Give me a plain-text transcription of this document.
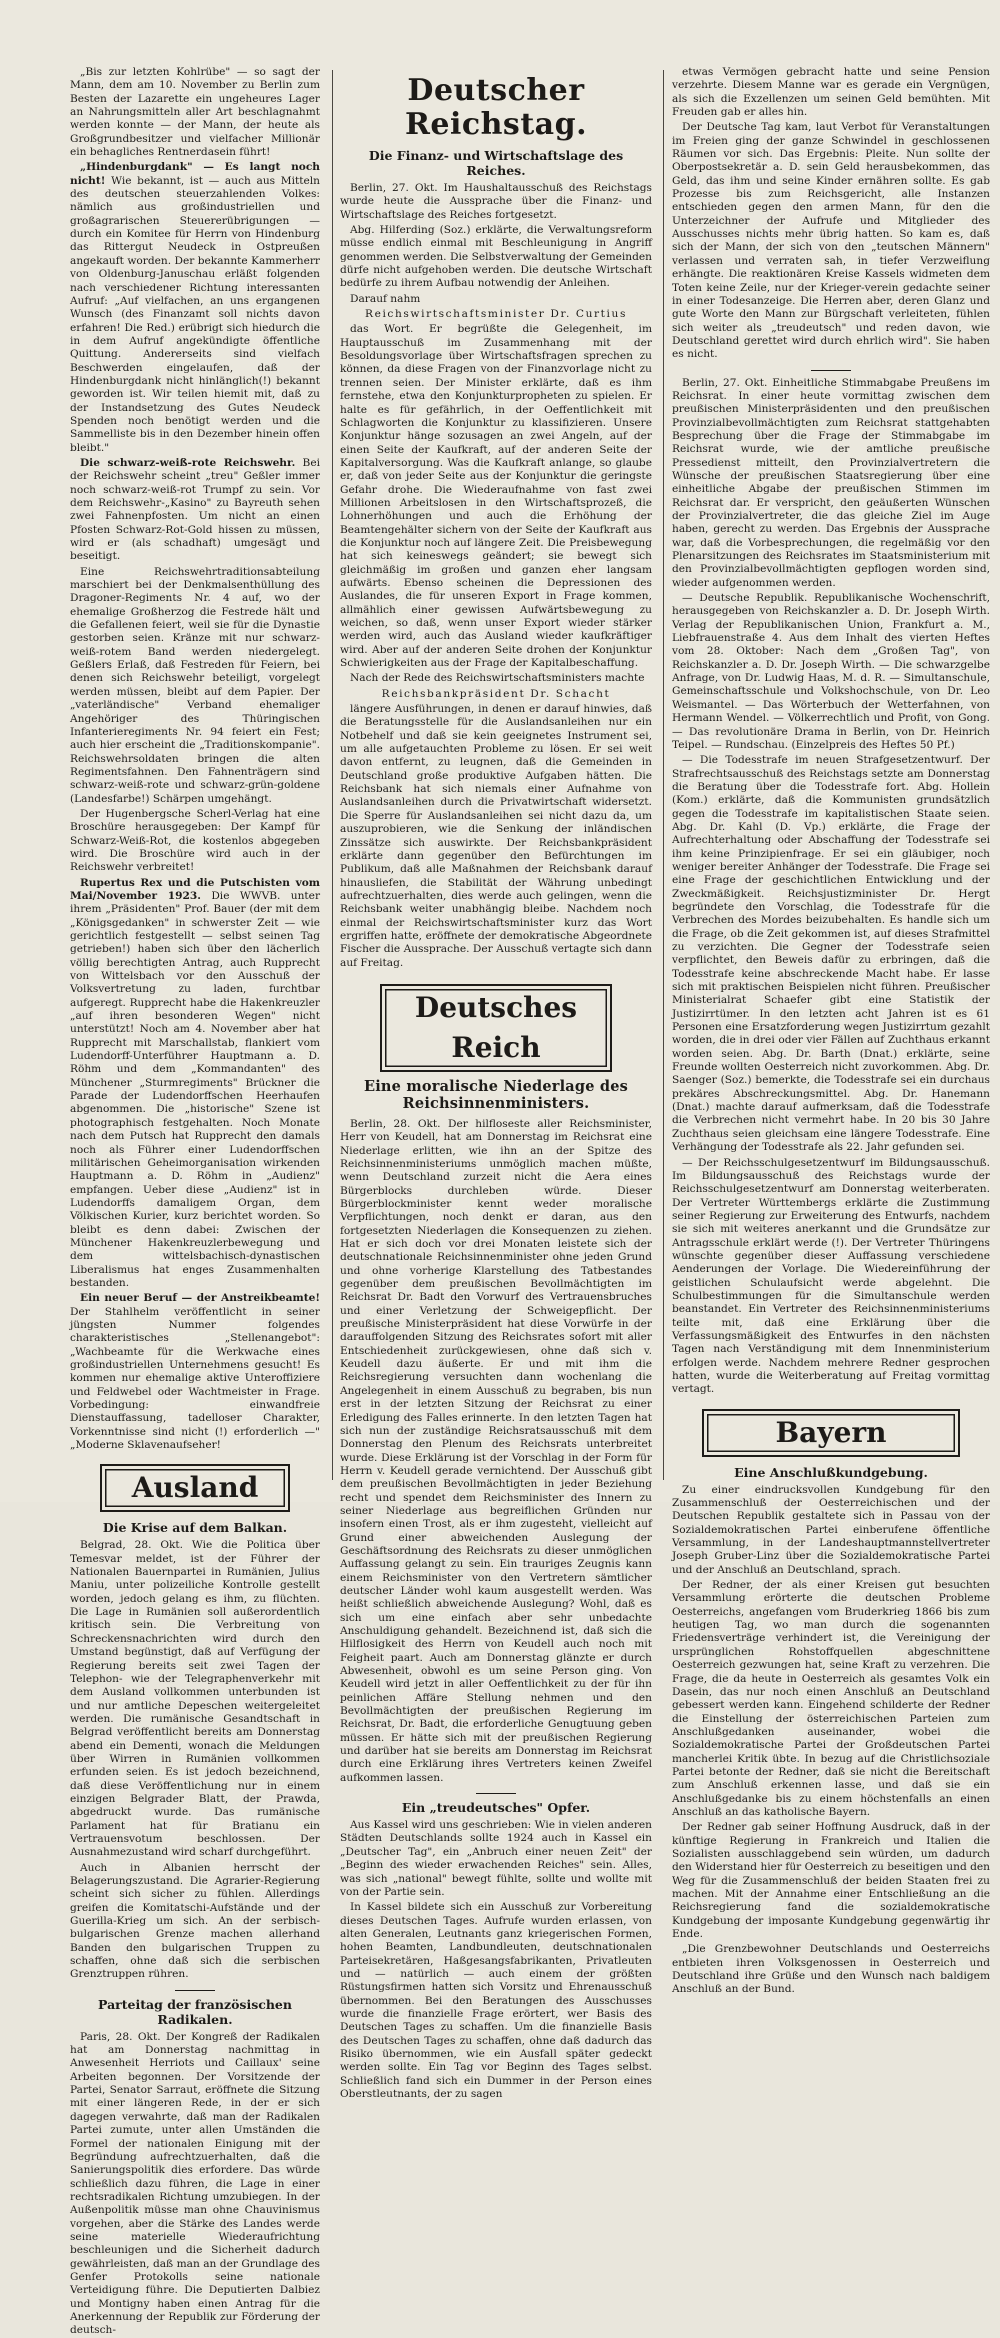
„Bis zur letzten Kohlrübe" — so sagt der Mann, dem am 10. November zu Berlin zum Besten der Lazarette ein ungeheures Lager an Nahrungsmitteln aller Art beschlagnahmt werden konnte — der Mann, der heute als Großgrundbesitzer und vielfacher Millionär ein behagliches Rentnerdasein führt!

„Hindenburgdank" — Es langt noch nicht! Wie bekannt, ist — auch aus Mitteln des deutschen steuerzahlenden Volkes: nämlich aus großindustriellen und großagrarischen Steuererübrigungen — durch ein Komitee für Herrn von Hindenburg das Rittergut Neudeck in Ostpreußen angekauft worden. Der bekannte Kammerherr von Oldenburg-Januschau erläßt folgenden nach verschiedener Richtung interessanten Aufruf: „Auf vielfachen, an uns ergangenen Wunsch (des Finanzamt soll nichts davon erfahren! Die Red.) erübrigt sich hiedurch die in dem Aufruf angekündigte öffentliche Quittung. Andererseits sind vielfach Beschwerden eingelaufen, daß der Hindenburgdank nicht hinlänglich(!) bekannt geworden ist. Wir teilen hiemit mit, daß zu der Instandsetzung des Gutes Neudeck Spenden noch benötigt werden und die Sammelliste bis in den Dezember hinein offen bleibt."

Die schwarz-weiß-rote Reichswehr. Bei der Reichswehr scheint „treu" Geßler immer noch schwarz-weiß-rot Trumpf zu sein. Vor dem Reichswehr-„Kasino" zu Bayreuth sehen zwei Fahnenpfosten. Um nicht an einen Pfosten Schwarz-Rot-Gold hissen zu müssen, wird er (als schadhaft) umgesägt und beseitigt.

Eine Reichswehrtraditionsabteilung marschiert bei der Denkmalsenthüllung des Dragoner-Regiments Nr. 4 auf, wo der ehemalige Großherzog die Festrede hält und die Gefallenen feiert, weil sie für die Dynastie gestorben seien. Kränze mit nur schwarz-weiß-rotem Band werden niedergelegt. Geßlers Erlaß, daß Festreden für Feiern, bei denen sich Reichswehr beteiligt, vorgelegt werden müssen, bleibt auf dem Papier. Der „vaterländische" Verband ehemaliger Angehöriger des Thüringischen Infanterieregiments Nr. 94 feiert ein Fest; auch hier erscheint die „Traditionskompanie". Reichswehrsoldaten bringen die alten Regimentsfahnen. Den Fahnenträgern sind schwarz-weiß-rote und schwarz-grün-goldene (Landesfarbe!) Schärpen umgehängt.

Der Hugenbergsche Scherl-Verlag hat eine Broschüre herausgegeben: Der Kampf für Schwarz-Weiß-Rot, die kostenlos abgegeben wird. Die Broschüre wird auch in der Reichswehr verbreitet!

Rupertus Rex und die Putschisten vom Mai/November 1923. Die WWVB. unter ihrem „Präsidenten" Prof. Bauer (der mit dem „Königsgedanken" in schwerster Zeit — wie gerichtlich festgestellt — selbst seinen Tag getrieben!) haben sich über den lächerlich völlig berechtigten Antrag, auch Rupprecht von Wittelsbach vor den Ausschuß der Volksvertretung zu laden, furchtbar aufgeregt. Rupprecht habe die Hakenkreuzler „auf ihren besonderen Wegen" nicht unterstützt! Noch am 4. November aber hat Rupprecht mit Marschallstab, flankiert vom Ludendorff-Unterführer Hauptmann a. D. Röhm und dem „Kommandanten" des Münchener „Sturmregiments" Brückner die Parade der Ludendorffschen Heerhaufen abgenommen. Die „historische" Szene ist photographisch festgehalten. Noch Monate nach dem Putsch hat Rupprecht den damals noch als Führer einer Ludendorffschen militärischen Geheimorganisation wirkenden Hauptmann a. D. Röhm in „Audienz" empfangen. Ueber diese „Audienz" ist in Ludendorffs damaligem Organ, dem Völkischen Kurier, kurz berichtet worden. So bleibt es denn dabei: Zwischen der Münchener Hakenkreuzlerbewegung und dem wittelsbachisch-dynastischen Liberalismus hat enges Zusammenhalten bestanden.

Ein neuer Beruf — der Anstreikbeamte! Der Stahlhelm veröffentlicht in seiner jüngsten Nummer folgendes charakteristisches „Stellenangebot": „Wachbeamte für die Werkwache eines großindustriellen Unternehmens gesucht! Es kommen nur ehemalige aktive Unteroffiziere und Feldwebel oder Wachtmeister in Frage. Vorbedingung: einwandfreie Dienstauffassung, tadelloser Charakter, Vorkenntnisse sind nicht (!) erforderlich —" „Moderne Sklavenaufseher!

Ausland
Die Krise auf dem Balkan.

Belgrad, 28. Okt. Wie die Politica über Temesvar meldet, ist der Führer der Nationalen Bauernpartei in Rumänien, Julius Maniu, unter polizeiliche Kontrolle gestellt worden, jedoch gelang es ihm, zu flüchten. Die Lage in Rumänien soll außerordentlich kritisch sein. Die Verbreitung von Schreckensnachrichten wird durch den Umstand begünstigt, daß auf Verfügung der Regierung bereits seit zwei Tagen der Telephon- wie der Telegraphenverkehr mit dem Ausland vollkommen unterbunden ist und nur amtliche Depeschen weitergeleitet werden. Die rumänische Gesandtschaft in Belgrad veröffentlicht bereits am Donnerstag abend ein Dementi, wonach die Meldungen über Wirren in Rumänien vollkommen erfunden seien. Es ist jedoch bezeichnend, daß diese Veröffentlichung nur in einem einzigen Belgrader Blatt, der Prawda, abgedruckt wurde. Das rumänische Parlament hat für Bratianu ein Vertrauensvotum beschlossen. Der Ausnahmezustand wird scharf durchgeführt.

Auch in Albanien herrscht der Belagerungszustand. Die Agrarier-Regierung scheint sich sicher zu fühlen. Allerdings greifen die Komitatschi-Aufstände und der Guerilla-Krieg um sich. An der serbisch-bulgarischen Grenze machen allerhand Banden den bulgarischen Truppen zu schaffen, ohne daß sich die serbischen Grenztruppen rühren.

Parteitag der französischen Radikalen.

Paris, 28. Okt. Der Kongreß der Radikalen hat am Donnerstag nachmittag in Anwesenheit Herriots und Caillaux' seine Arbeiten begonnen. Der Vorsitzende der Partei, Senator Sarraut, eröffnete die Sitzung mit einer längeren Rede, in der er sich dagegen verwahrte, daß man der Radikalen Partei zumute, unter allen Umständen die Formel der nationalen Einigung mit der Begründung aufrechtzuerhalten, daß die Sanierungspolitik dies erfordere. Das würde schließlich dazu führen, die Lage in einer rechtsradikalen Richtung umzubiegen. In der Außenpolitik müsse man ohne Chauvinismus vorgehen, aber die Stärke des Landes werde seine materielle Wiederaufrichtung beschleunigen und die Sicherheit dadurch gewährleisten, daß man an der Grundlage des Genfer Protokolls seine nationale Verteidigung führe. Die Deputierten Dalbiez und Montigny haben einen Antrag für die Anerkennung der Republik zur Förderung der deutsch-

Deutscher Reichstag.
Die Finanz- und Wirtschaftslage des Reiches.

Berlin, 27. Okt. Im Haushaltausschuß des Reichstags wurde heute die Aussprache über die Finanz- und Wirtschaftslage des Reiches fortgesetzt.

Abg. Hilferding (Soz.) erklärte, die Verwaltungsreform müsse endlich einmal mit Beschleunigung in Angriff genommen werden. Die Selbstverwaltung der Gemeinden dürfe nicht aufgehoben werden. Die deutsche Wirtschaft bedürfe zu ihrem Aufbau notwendig der Anleihen.

Darauf nahm

Reichswirtschaftsminister Dr. Curtius

das Wort. Er begrüßte die Gelegenheit, im Hauptausschuß im Zusammenhang mit der Besoldungsvorlage über Wirtschaftsfragen sprechen zu können, da diese Fragen von der Finanzvorlage nicht zu trennen seien. Der Minister erklärte, daß es ihm fernstehe, etwa den Konjunkturpropheten zu spielen. Er halte es für gefährlich, in der Oeffentlichkeit mit Schlagworten die Konjunktur zu klassifizieren. Unsere Konjunktur hänge sozusagen an zwei Angeln, auf der einen Seite der Kaufkraft, auf der anderen Seite der Kapitalversorgung. Was die Kaufkraft anlange, so glaube er, daß von jeder Seite aus der Konjunktur die geringste Gefahr drohe. Die Wiederaufnahme von fast zwei Millionen Arbeitslosen in den Wirtschaftsprozeß, die Lohnerhöhungen und auch die Erhöhung der Beamtengehälter sichern von der Seite der Kaufkraft aus die Konjunktur noch auf längere Zeit. Die Preisbewegung hat sich keineswegs geändert; sie bewegt sich gleichmäßig im großen und ganzen eher langsam aufwärts. Ebenso scheinen die Depressionen des Auslandes, die für unseren Export in Frage kommen, allmählich einer gewissen Aufwärtsbewegung zu weichen, so daß, wenn unser Export wieder stärker werden wird, auch das Ausland wieder kaufkräftiger wird. Aber auf der anderen Seite drohen der Konjunktur Schwierigkeiten aus der Frage der Kapitalbeschaffung.

Nach der Rede des Reichswirtschaftsministers machte

Reichsbankpräsident Dr. Schacht

längere Ausführungen, in denen er darauf hinwies, daß die Beratungsstelle für die Auslandsanleihen nur ein Notbehelf und daß sie kein geeignetes Instrument sei, um alle aufgetauchten Probleme zu lösen. Er sei weit davon entfernt, zu leugnen, daß die Gemeinden in Deutschland große produktive Aufgaben hätten. Die Reichsbank hat sich niemals einer Aufnahme von Auslandsanleihen durch die Privatwirtschaft widersetzt. Die Sperre für Auslandsanleihen sei nicht dazu da, um auszuprobieren, wie die Senkung der inländischen Zinssätze sich auswirkte. Der Reichsbankpräsident erklärte dann gegenüber den Befürchtungen im Publikum, daß alle Maßnahmen der Reichsbank darauf hinausliefen, die Stabilität der Währung unbedingt aufrechtzuerhalten, dies werde auch gelingen, wenn die Reichsbank weiter unabhängig bleibe. Nachdem noch einmal der Reichswirtschaftsminister kurz das Wort ergriffen hatte, eröffnete der demokratische Abgeordnete Fischer die Aussprache. Der Ausschuß vertagte sich dann auf Freitag.

Deutsches Reich
Eine moralische Niederlage des Reichsinnenministers.

Berlin, 28. Okt. Der hilfloseste aller Reichsminister, Herr von Keudell, hat am Donnerstag im Reichsrat eine Niederlage erlitten, wie ihn an der Spitze des Reichsinnenministeriums unmöglich machen müßte, wenn Deutschland zurzeit nicht die Aera eines Bürgerblocks durchleben würde. Dieser Bürgerblockminister kennt weder moralische Verpflichtungen, noch denkt er daran, aus den fortgesetzten Niederlagen die Konsequenzen zu ziehen. Hat er sich doch vor drei Monaten leistete sich der deutschnationale Reichsinnenminister ohne jeden Grund und ohne vorherige Klarstellung des Tatbestandes gegenüber dem preußischen Bevollmächtigten im Reichsrat Dr. Badt den Vorwurf des Vertrauensbruches und einer Verletzung der Schweigepflicht. Der preußische Ministerpräsident hat diese Vorwürfe in der darauffolgenden Sitzung des Reichsrates sofort mit aller Entschiedenheit zurückgewiesen, ohne daß sich v. Keudell dazu äußerte. Er und mit ihm die Reichsregierung versuchten dann wochenlang die Angelegenheit in einem Ausschuß zu begraben, bis nun erst in der letzten Sitzung der Reichsrat zu einer Erledigung des Falles erinnerte. In den letzten Tagen hat sich nun der zuständige Reichsratsausschuß mit dem Donnerstag den Plenum des Reichsrats unterbreitet wurde. Diese Erklärung ist der Vorschlag in der Form für Herrn v. Keudell gerade vernichtend. Der Ausschuß gibt dem preußischen Bevollmächtigten in jeder Beziehung recht und spendet dem Reichsminister des Innern zu seiner Niederlage aus begreiflichen Gründen nur insofern einen Trost, als er ihm zugesteht, vielleicht auf Grund einer abweichenden Auslegung der Geschäftsordnung des Reichsrats zu dieser unmöglichen Auffassung gelangt zu sein. Ein trauriges Zeugnis kann einem Reichsminister von den Vertretern sämtlicher deutscher Länder wohl kaum ausgestellt werden. Was heißt schließlich abweichende Auslegung? Wohl, daß es sich um eine einfach aber sehr unbedachte Anschuldigung gehandelt. Bezeichnend ist, daß sich die Hilflosigkeit des Herrn von Keudell auch noch mit Feigheit paart. Auch am Donnerstag glänzte er durch Abwesenheit, obwohl es um seine Person ging. Von Keudell wird jetzt in aller Oeffentlichkeit zu der für ihn peinlichen Affäre Stellung nehmen und den Bevollmächtigten der preußischen Regierung im Reichsrat, Dr. Badt, die erforderliche Genugtuung geben müssen. Er hätte sich mit der preußischen Regierung und darüber hat sie bereits am Donnerstag im Reichsrat durch eine Erklärung ihres Vertreters keinen Zweifel aufkommen lassen.

Ein „treudeutsches" Opfer.

Aus Kassel wird uns geschrieben: Wie in vielen anderen Städten Deutschlands sollte 1924 auch in Kassel ein „Deutscher Tag", ein „Anbruch einer neuen Zeit" der „Beginn des wieder erwachenden Reiches" sein. Alles, was sich „national" bewegt fühlte, sollte und wollte mit von der Partie sein.

In Kassel bildete sich ein Ausschuß zur Vorbereitung dieses Deutschen Tages. Aufrufe wurden erlassen, von alten Generalen, Leutnants ganz kriegerischen Formen, hohen Beamten, Landbundleuten, deutschnationalen Parteisekretären, Haßgesangsfabrikanten, Privatleuten und — natürlich — auch einem der größten Rüstungsfirmen hatten sich Vorsitz und Ehrenausschuß übernommen. Bei den Beratungen des Ausschusses wurde die finanzielle Frage erörtert, wer Basis des Deutschen Tages zu schaffen. Um die finanzielle Basis des Deutschen Tages zu schaffen, ohne daß dadurch das Risiko übernommen, wie ein Ausfall später gedeckt werden sollte. Ein Tag vor Beginn des Tages selbst. Schließlich fand sich ein Dummer in der Person eines Oberstleutnants, der zu sagen

etwas Vermögen gebracht hatte und seine Pension verzehrte. Diesem Manne war es gerade ein Vergnügen, als sich die Exzellenzen um seinen Geld bemühten. Mit Freuden gab er alles hin.

Der Deutsche Tag kam, laut Verbot für Veranstaltungen im Freien ging der ganze Schwindel in geschlossenen Räumen vor sich. Das Ergebnis: Pleite. Nun sollte der Oberpostsekretär a. D. sein Geld herausbekommen, das Geld, das ihm und seine Kinder ernähren sollte. Es gab Prozesse bis zum Reichsgericht, alle Instanzen entschieden gegen den armen Mann, für den die Unterzeichner der Aufrufe und Mitglieder des Ausschusses nichts mehr übrig hatten. So kam es, daß sich der Mann, der sich von den „teutschen Männern" verlassen und verraten sah, in tiefer Verzweiflung erhängte. Die reaktionären Kreise Kassels widmeten dem Toten keine Zeile, nur der Krieger-verein gedachte seiner in einer Todesanzeige. Die Herren aber, deren Glanz und gute Worte den Mann zur Bürgschaft verleiteten, fühlen sich weiter als „treudeutsch" und reden davon, wie Deutschland gerettet wird durch ehrlich wird". Sie haben es nicht.

Berlin, 27. Okt. Einheitliche Stimmabgabe Preußens im Reichsrat. In einer heute vormittag zwischen dem preußischen Ministerpräsidenten und den preußischen Provinzialbevollmächtigten zum Reichsrat stattgehabten Besprechung über die Frage der Stimmabgabe im Reichsrat wurde, wie der amtliche preußische Pressedienst mitteilt, den Provinzialvertretern die Wünsche der preußischen Staatsregierung über eine einheitliche Abgabe der preußischen Stimmen im Reichsrat dar. Er verspricht, den geäußerten Wünschen der Provinzialvertreter, die das gleiche Ziel im Auge haben, gerecht zu werden. Das Ergebnis der Aussprache war, daß die Vorbesprechungen, die regelmäßig vor den Plenarsitzungen des Reichsrates im Staatsministerium mit den Provinzialbevollmächtigten gepflogen worden sind, wieder aufgenommen werden.

— Deutsche Republik. Republikanische Wochenschrift, herausgegeben von Reichskanzler a. D. Dr. Joseph Wirth. Verlag der Republikanischen Union, Frankfurt a. M., Liebfrauenstraße 4. Aus dem Inhalt des vierten Heftes vom 28. Oktober: Nach dem „Großen Tag", von Reichskanzler a. D. Dr. Joseph Wirth. — Die schwarzgelbe Anfrage, von Dr. Ludwig Haas, M. d. R. — Simultanschule, Gemeinschaftsschule und Volkshochschule, von Dr. Leo Weismantel. — Das Wörterbuch der Wetterfahnen, von Hermann Wendel. — Völkerrechtlich und Profit, von Gong. — Das revolutionäre Drama in Berlin, von Dr. Heinrich Teipel. — Rundschau. (Einzelpreis des Heftes 50 Pf.)

— Die Todesstrafe im neuen Strafgesetzentwurf. Der Strafrechtsausschuß des Reichstags setzte am Donnerstag die Beratung über die Todesstrafe fort. Abg. Hollein (Kom.) erklärte, daß die Kommunisten grundsätzlich gegen die Todesstrafe im kapitalistischen Staate seien. Abg. Dr. Kahl (D. Vp.) erklärte, die Frage der Aufrechterhaltung oder Abschaffung der Todesstrafe sei ihm keine Prinzipienfrage. Er sei ein gläubiger, noch weniger bereiter Anhänger der Todesstrafe. Die Frage sei eine Frage der geschichtlichen Entwicklung und der Zweckmäßigkeit. Reichsjustizminister Dr. Hergt begründete den Vorschlag, die Todesstrafe für die Verbrechen des Mordes beizubehalten. Es handle sich um die Frage, ob die Zeit gekommen ist, auf dieses Strafmittel zu verzichten. Die Gegner der Todesstrafe seien verpflichtet, den Beweis dafür zu erbringen, daß die Todesstrafe keine abschreckende Macht habe. Er lasse sich mit praktischen Beispielen nicht führen. Preußischer Ministerialrat Schaefer gibt eine Statistik der Justizirrtümer. In den letzten acht Jahren ist es 61 Personen eine Ersatzforderung wegen Justizirrtum gezahlt worden, die in drei oder vier Fällen auf Zuchthaus erkannt worden seien. Abg. Dr. Barth (Dnat.) erklärte, seine Freunde wollten Oesterreich nicht zuvorkommen. Abg. Dr. Saenger (Soz.) bemerkte, die Todesstrafe sei ein durchaus prekäres Abschreckungsmittel. Abg. Dr. Hanemann (Dnat.) machte darauf aufmerksam, daß die Todesstrafe die Verbrechen nicht vermehrt habe. In 20 bis 30 Jahre Zuchthaus seien gleichsam eine längere Todesstrafe. Eine Verhängung der Todesstrafe als 22. Jahr gefunden sei.

— Der Reichsschulgesetzentwurf im Bildungsausschuß. Im Bildungsausschuß des Reichstags wurde der Reichsschulgesetzentwurf am Donnerstag weiterberaten. Der Vertreter Württembergs erklärte die Zustimmung seiner Regierung zur Erweiterung des Entwurfs, nachdem sie sich mit weiteres anerkannt und die Grundsätze zur Antragsschule erklärt werde (!). Der Vertreter Thüringens wünschte gegenüber dieser Auffassung verschiedene Aenderungen der Vorlage. Die Wiedereinführung der geistlichen Schulaufsicht werde abgelehnt. Die Schulbestimmungen für die Simultanschule werden beanstandet. Ein Vertreter des Reichsinnenministeriums teilte mit, daß eine Erklärung über die Verfassungsmäßigkeit des Entwurfes in den nächsten Tagen nach Verständigung mit dem Innenministerium erfolgen werde. Nachdem mehrere Redner gesprochen hatten, wurde die Weiterberatung auf Freitag vormittag vertagt.

Bayern
Eine Anschlußkundgebung.

Zu einer eindrucksvollen Kundgebung für den Zusammenschluß der Oesterreichischen und der Deutschen Republik gestaltete sich in Passau von der Sozialdemokratischen Partei einberufene öffentliche Versammlung, in der Landeshauptmannstellvertreter Joseph Gruber-Linz über die Sozialdemokratische Partei und der Anschluß an Deutschland, sprach.

Der Redner, der als einer Kreisen gut besuchten Versammlung erörterte die deutschen Probleme Oesterreichs, angefangen vom Bruderkrieg 1866 bis zum heutigen Tag, wo man durch die sogenannten Friedensverträge verhindert ist, die Vereinigung der ursprünglichen Rohstoffquellen abgeschnittene Oesterreich gezwungen hat, seine Kraft zu verzehren. Die Frage, die da heute in Oesterreich als gesamtes Volk ein Dasein, das nur noch einen Anschluß an Deutschland gebessert werden kann. Eingehend schilderte der Redner die Einstellung der österreichischen Parteien zum Anschlußgedanken auseinander, wobei die Sozialdemokratische Partei der Großdeutschen Partei mancherlei Kritik übte. In bezug auf die Christlichsoziale Partei betonte der Redner, daß sie nicht die Bereitschaft zum Anschluß erkennen lasse, und daß sie ein Anschlußgedanke bis zu einem höchstenfalls an einen Anschluß an das katholische Bayern.

Der Redner gab seiner Hoffnung Ausdruck, daß in der künftige Regierung in Frankreich und Italien die Sozialisten ausschlaggebend sein würden, um dadurch den Widerstand hier für Oesterreich zu beseitigen und den Weg für die Zusammenschluß der beiden Staaten frei zu machen. Mit der Annahme einer Entschließung an die Reichsregierung fand die sozialdemokratische Kundgebung der imposante Kundgebung gegenwärtig ihr Ende.

„Die Grenzbewohner Deutschlands und Oesterreichs entbieten ihren Volksgenossen in Oesterreich und Deutschland ihre Grüße und den Wunsch nach baldigem Anschluß an der Bund.
